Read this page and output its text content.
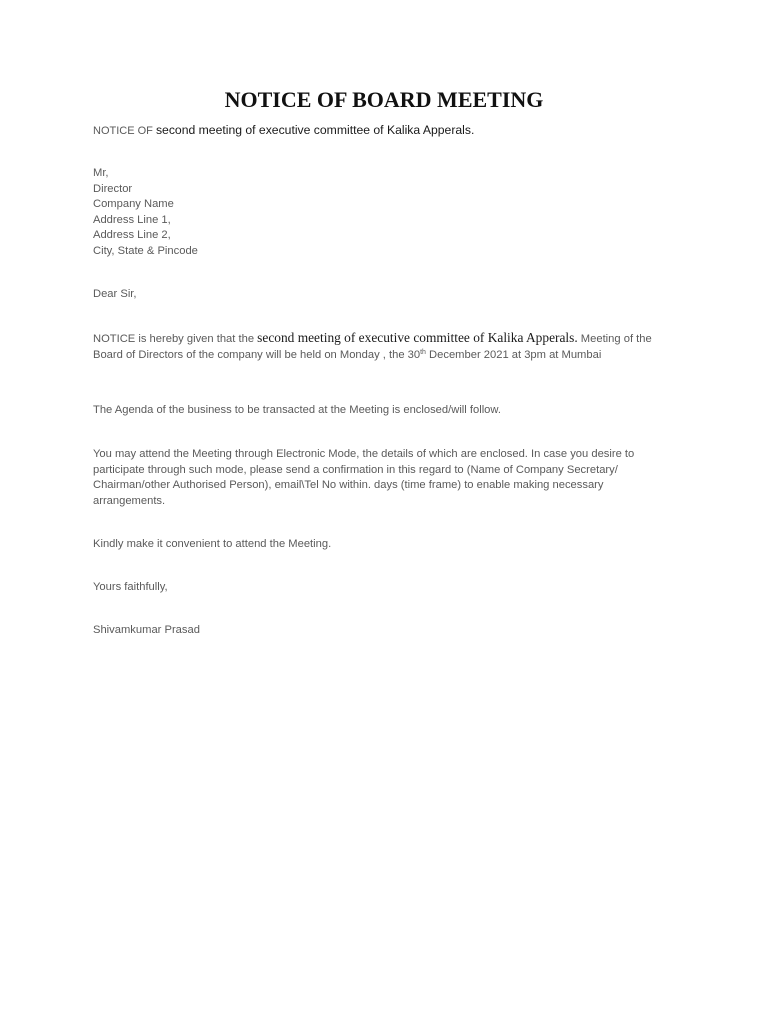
NOTICE OF BOARD MEETING
NOTICE OF second meeting of executive committee of Kalika Apperals.
Mr,
Director
Company Name
Address Line 1,
Address Line 2,
City, State & Pincode
Dear Sir,
NOTICE is hereby given that the second meeting of executive committee of Kalika Apperals. Meeting of the Board of Directors of the company will be held on Monday , the 30th December 2021 at 3pm at Mumbai
The Agenda of the business to be transacted at the Meeting is enclosed/will follow.
You may attend the Meeting through Electronic Mode, the details of which are enclosed. In case you desire to participate through such mode, please send a confirmation in this regard to (Name of Company Secretary/ Chairman/other Authorised Person), email\Tel No within. days (time frame) to enable making necessary arrangements.
Kindly make it convenient to attend the Meeting.
Yours faithfully,
Shivamkumar Prasad
